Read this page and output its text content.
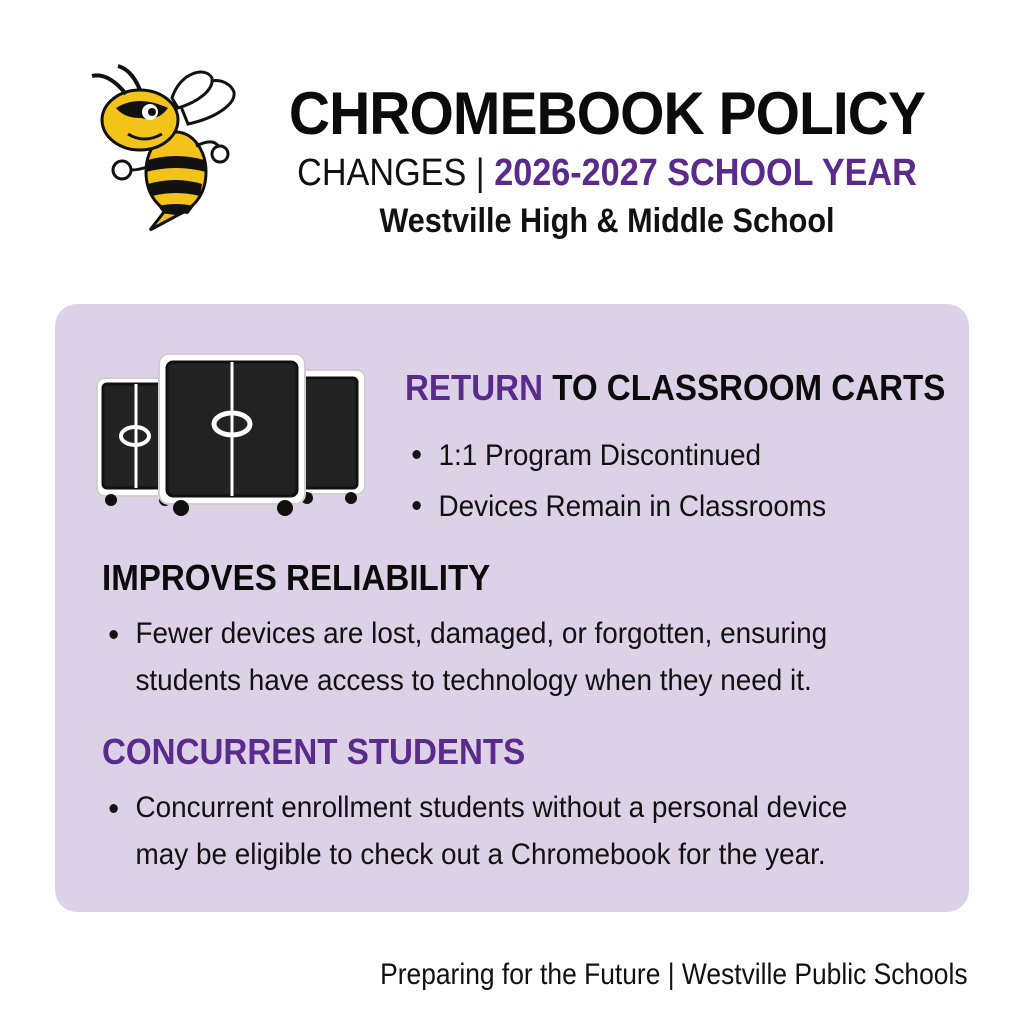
CHROMEBOOK POLICY
CHANGES | 2026-2027 SCHOOL YEAR
Westville High & Middle School
RETURN TO CLASSROOM CARTS
1:1 Program Discontinued
Devices Remain in Classrooms
IMPROVES RELIABILITY
Fewer devices are lost, damaged, or forgotten, ensuring students have access to technology when they need it.
CONCURRENT STUDENTS
Concurrent enrollment students without a personal device may be eligible to check out a Chromebook for the year.
Preparing for the Future | Westville Public Schools
